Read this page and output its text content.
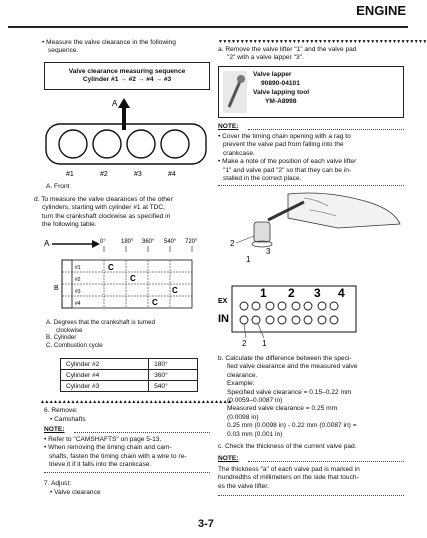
ENGINE
• Measure the valve clearance in the following
sequence.
Valve clearance measuring sequence
Cylinder #1 → #2 → #4 → #3
A
#1	#2	#3	#4
A. Front
d. To measure the valve clearances of the other
cylinders, starting with cylinder #1 at TDC,
turn the crankshaft clockwise as specified in
the following table.
A	0°	180° 360° 540° 720°
B
#1
#2
#3
#4
C
C
C
C
A. Degrees that the crankshaft is turned
clockwise
B. Cylinder
C. Combustion cycle
Cylinder #2	180°
Cylinder #4	360°
Cylinder #3	540°
▲▲▲▲▲▲▲▲▲▲▲▲▲▲▲▲▲▲▲▲▲▲▲▲▲▲▲▲▲▲▲▲▲▲▲▲▲▲▲▲▲▲▲▲
6. Remove:
• Camshafts
NOTE:
• Refer to "CAMSHAFTS" on page 5-13.
• When removing the timing chain and cam-
shafts, fasten the timing chain with a wire to re-
trieve it if it falls into the crankcase.
7. Adjust:
• Valve clearance
▼▼▼▼▼▼▼▼▼▼▼▼▼▼▼▼▼▼▼▼▼▼▼▼▼▼▼▼▼▼▼▼▼▼▼▼▼▼▼▼▼▼▼▼▼▼▼▼
a. Remove the valve lifter "1" and the valve pad
"2" with a valve lapper "3".
Valve lapper
90890-04101
Valve lapping tool
YM-A8998
NOTE:
• Cover the timing chain opening with a rag to
prevent the valve pad from falling into the
crankcase.
• Make a note of the position of each valve lifter
"1" and valve pad "2" so that they can be in-
stalled in the correct place.
2
3
1
EX
IN
1 2 3 4
2 1
b. Calculate the difference between the speci-
fied valve clearance and the measured valve
clearance.
Example:
Specified valve clearance = 0.15–0.22 mm
(0.0059–0.0087 in)
Measured valve clearance = 0.25 mm
(0.0098 in)
0.25 mm (0.0098 in) - 0.22 mm (0.0087 in) =
0.03 mm (0.001 in)
c. Check the thickness of the current valve pad.
NOTE:
The thickness "a" of each valve pad is marked in
hundredths of millimeters on the side that touch-
es the valve lifter.
3-7
